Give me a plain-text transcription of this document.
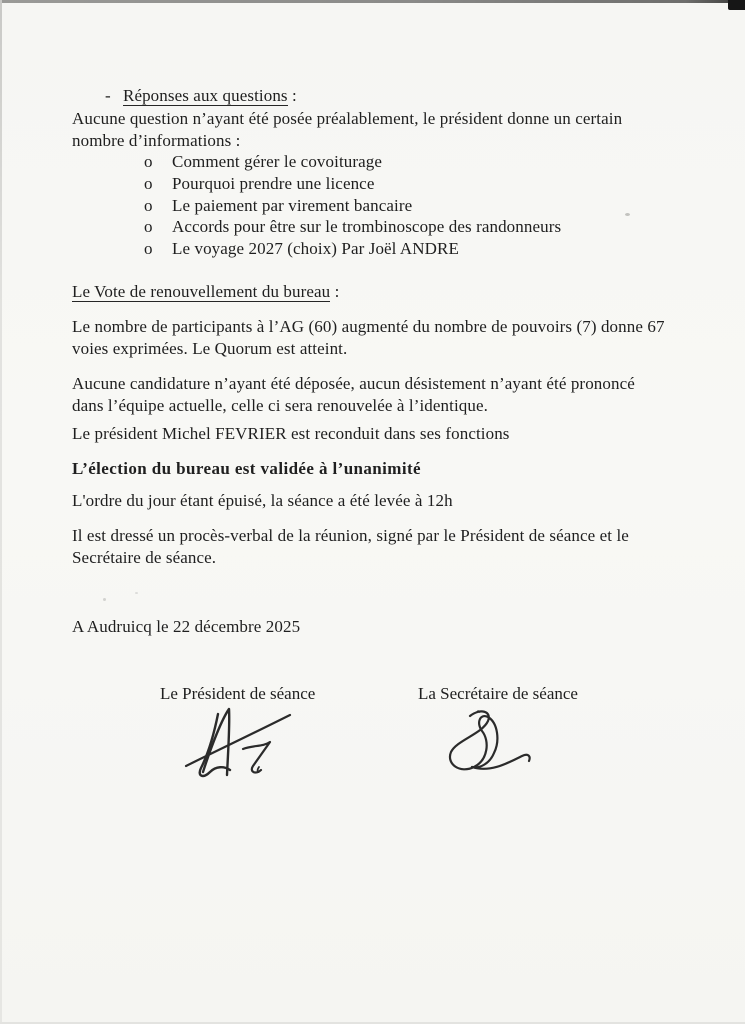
- Réponses aux questions :
Aucune question n’ayant été posée préalablement, le président donne un certain
nombre d’informations :
o Comment gérer le covoiturage
o Pourquoi prendre une licence
o Le paiement par virement bancaire
o Accords pour être sur le trombinoscope des randonneurs
o Le voyage 2027 (choix) Par Joël ANDRE
Le Vote de renouvellement du bureau :
Le nombre de participants à l’AG (60) augmenté du nombre de pouvoirs (7) donne 67
voies exprimées. Le Quorum est atteint.
Aucune candidature n’ayant été déposée, aucun désistement n’ayant été prononcé
dans l’équipe actuelle, celle ci sera renouvelée à l’identique.
Le président Michel FEVRIER est reconduit dans ses fonctions
L’élection du bureau est validée à l’unanimité
L'ordre du jour étant épuisé, la séance a été levée à 12h
Il est dressé un procès-verbal de la réunion, signé par le Président de séance et le
Secrétaire de séance.
A Audruicq le 22 décembre 2025
Le Président de séance	La Secrétaire de séance
